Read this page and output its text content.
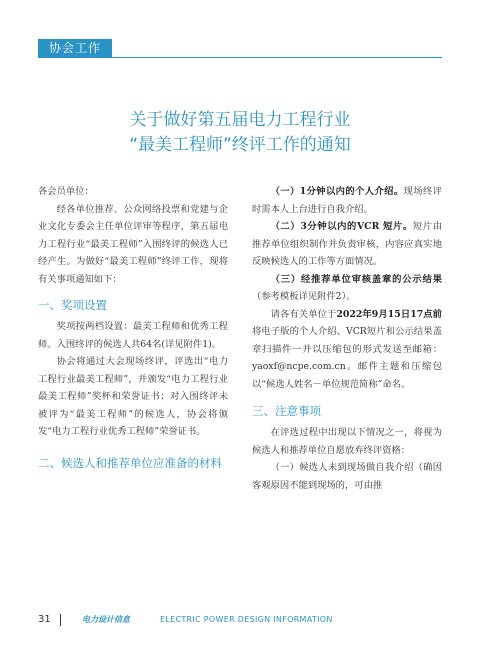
协会工作
关于做好第五届电力工程行业
“最美工程师”终评工作的通知

各会员单位：

经各单位推荐、公众网络投票和党建与企业文化专委会主任单位评审等程序，第五届电力工程行业“最美工程师”入围终评的候选人已经产生。为做好“最美工程师”终评工作，现将有关事项通知如下：

一、奖项设置

奖项按两档设置：最美工程师和优秀工程师。入围终评的候选人共64名(详见附件1)。

协会将通过大会现场终评，评选出“电力工程行业最美工程师”，并颁发“电力工程行业最美工程师”奖杯和荣誉证书；对入围终评未被评为“最美工程师”的候选人，协会将颁发“电力工程行业优秀工程师”荣誉证书。

二、候选人和推荐单位应准备的材料

（一）1分钟以内的个人介绍。现场终评时需本人上台进行自我介绍。

（二）3分钟以内的VCR 短片。短片由推荐单位组织制作并负责审核，内容应真实地反映候选人的工作等方面情况。

（三）经推荐单位审核盖章的公示结果（参考模板详见附件2）。

请各有关单位于2022年9月15日17点前将电子版的个人介绍、VCR短片和公示结果盖章扫描件一并以压缩包的形式发送至邮箱：yaoxf@ncpe.com.cn。邮件主题和压缩包以“候选人姓名－单位规范简称”命名。

三、注意事项

在评选过程中出现以下情况之一，将视为候选人和推荐单位自愿放弃终评资格：

（一）候选人未到现场做自我介绍（确因客观原因不能到现场的，可由推

31	电力设计信息	ELECTRIC POWER DESIGN INFORMATION
